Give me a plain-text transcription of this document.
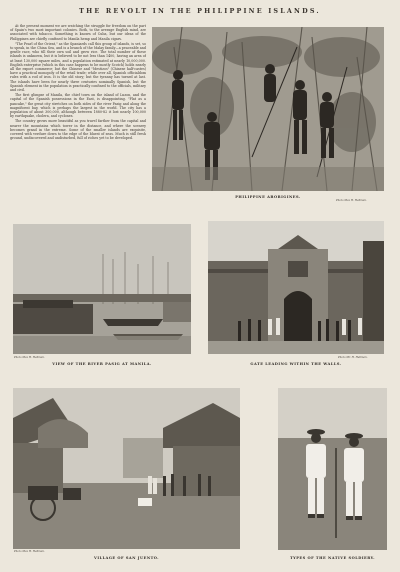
THE REVOLT IN THE PHILIPPINE ISLANDS.

At the present moment we are watching the struggle for freedom on the part of Spain's two most important colonies. Both, to the average English mind, are associated with tobacco. Something is known of Cuba, but our ideas of the Philippines are chiefly confined to Manila hemp and Manila cigars.

"The Pearl of the Orient," as the Spaniards call this group of islands, is set, so to speak, in the China Sea, and is a branch of the Malay family—a peaceable and gentle race, who till their own soil and grow rice. The total number of these islands is unknown, but it is believed to be not less than 1400, having an area of at least 130,000 square miles, and a population estimated at nearly 10,000,000. English enterprise (which in this case happens to be mostly Scotch) holds nearly all the export commerce; but the Chinese and "Mestizos" (Chinese half-castes) have a practical monopoly of the retail trade; while over all, Spanish officialdom rules with a rod of iron. It is the old story; but the tyranny has turned at last. The islands have been for nearly three centuries nominally Spanish, but the Spanish element in the population is practically confined to the officials, military and civil.

The first glimpse of Manila, the chief town on the island of Luzon, and the capital of the Spanish possessions in the East, is disappointing. "Flat as a pancake," the great city stretches on both sides of the river Pasig and along the magnificent bay, which is perhaps the largest in the world. The city has a population of about 300,000, although between 1880-82 it lost nearly 100,000 by earthquake, cholera, and cyclones.

The country grows more beautiful as you travel farther from the capital and nearer the mountains which tower in the distance, and where the scenery becomes grand in the extreme. Some of the smaller islands are exquisite, covered with verdure down to the edge of the bluest of seas. Much is still fresh ground, undiscovered and undisturbed, full of riches yet to be developed.

PHILIPPINE ABORIGINES.
Photo Max H. Heilman.
Photo Max H. Heilman.
VIEW OF THE RIVER PASIG AT MANILA.	GATE LEADING WITHIN THE WALLS.
Photo Mr. H. Heilman.
Photo Max H. Heilman.
VILLAGE OF SAN JUENTO.	TYPES OF THE NATIVE SOLDIERY.
